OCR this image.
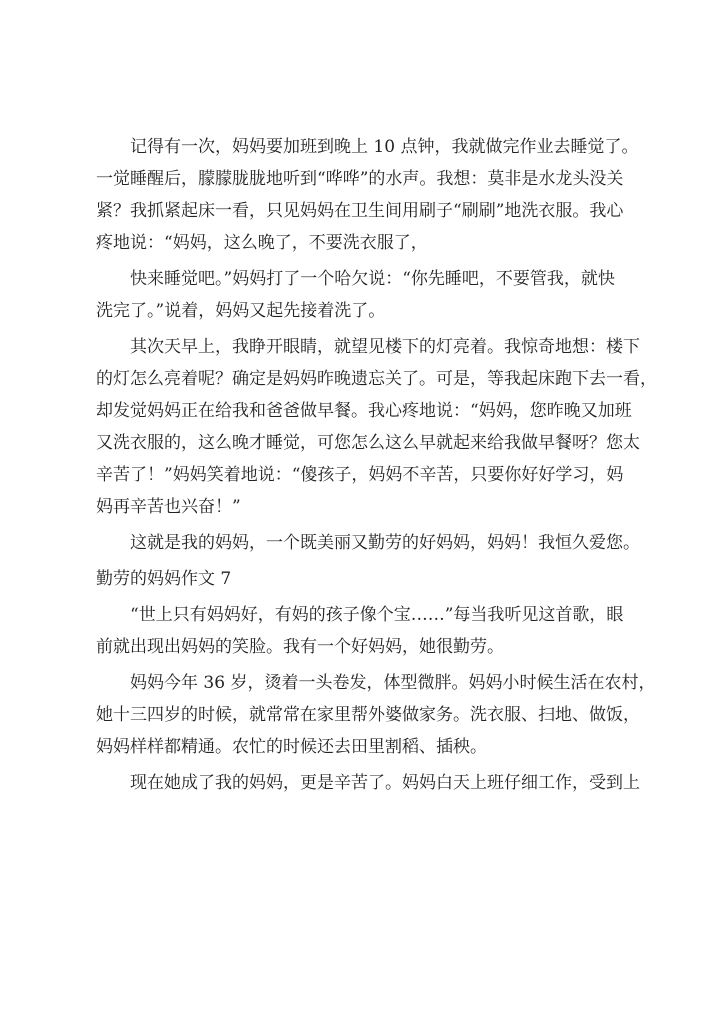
记得有一次，妈妈要加班到晚上 10 点钟，我就做完作业去睡觉了。
一觉睡醒后，朦朦胧胧地听到“哗哗”的水声。我想：莫非是水龙头没关
紧？我抓紧起床一看，只见妈妈在卫生间用刷子“刷刷”地洗衣服。我心
疼地说：“妈妈，这么晚了，不要洗衣服了，

快来睡觉吧。”妈妈打了一个哈欠说：“你先睡吧，不要管我，就快
洗完了。”说着，妈妈又起先接着洗了。

其次天早上，我睁开眼睛，就望见楼下的灯亮着。我惊奇地想：楼下
的灯怎么亮着呢？确定是妈妈昨晚遗忘关了。可是，等我起床跑下去一看，
却发觉妈妈正在给我和爸爸做早餐。我心疼地说：“妈妈，您昨晚又加班
又洗衣服的，这么晚才睡觉，可您怎么这么早就起来给我做早餐呀？您太
辛苦了！”妈妈笑着地说：“傻孩子，妈妈不辛苦，只要你好好学习，妈
妈再辛苦也兴奋！”

这就是我的妈妈，一个既美丽又勤劳的好妈妈，妈妈！我恒久爱您。

勤劳的妈妈作文 7

“世上只有妈妈好，有妈的孩子像个宝……”每当我听见这首歌，眼
前就出现出妈妈的笑脸。我有一个好妈妈，她很勤劳。

妈妈今年 36 岁，烫着一头卷发，体型微胖。妈妈小时候生活在农村，
她十三四岁的时候，就常常在家里帮外婆做家务。洗衣服、扫地、做饭，
妈妈样样都精通。农忙的时候还去田里割稻、插秧。

现在她成了我的妈妈，更是辛苦了。妈妈白天上班仔细工作，受到上
